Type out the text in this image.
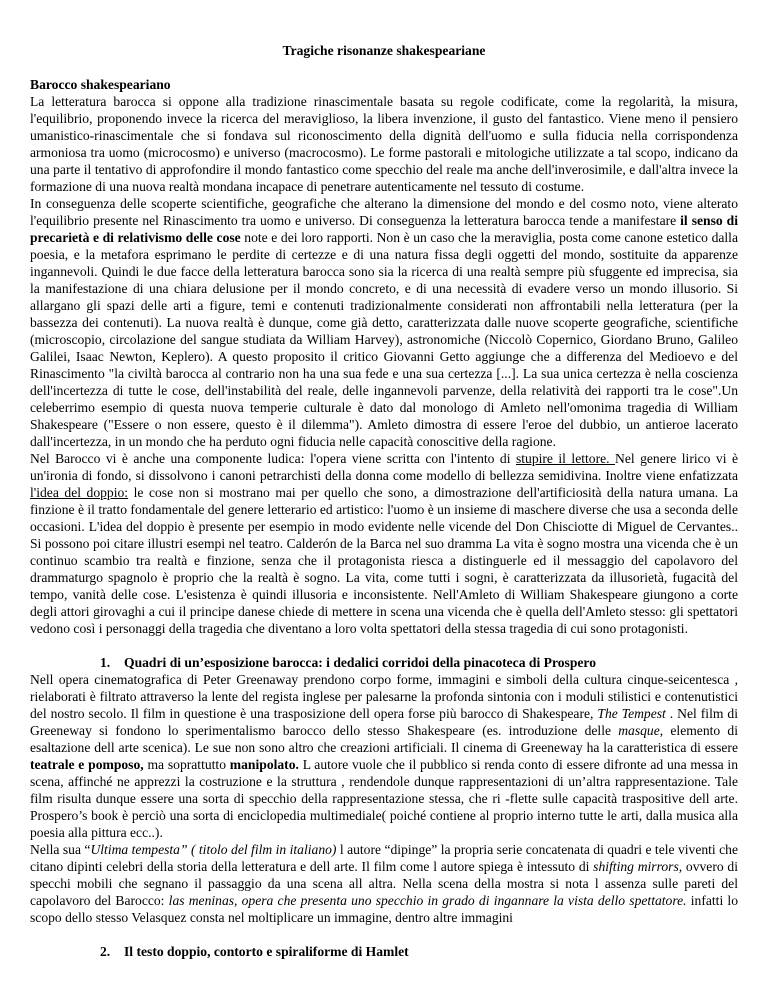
Tragiche risonanze shakespeariane
Barocco shakespeariano

La letteratura barocca si oppone alla tradizione rinascimentale basata su regole codificate, come la regolarità, la misura, l'equilibrio, proponendo invece la ricerca del meraviglioso, la libera invenzione, il gusto del fantastico. Viene meno il pensiero umanistico-rinascimentale che si fondava sul riconoscimento della dignità dell'uomo e sulla fiducia nella corrispondenza armoniosa tra uomo (microcosmo) e universo (macrocosmo). Le forme pastorali e mitologiche utilizzate a tal scopo, indicano da una parte il tentativo di approfondire il mondo fantastico come specchio del reale ma anche dell'inverosimile, e dall'altra invece la formazione di una nuova realtà mondana incapace di penetrare autenticamente nel tessuto di costume.

In conseguenza delle scoperte scientifiche, geografiche che alterano la dimensione del mondo e del cosmo noto, viene alterato l'equilibrio presente nel Rinascimento tra uomo e universo. Di conseguenza la letteratura barocca tende a manifestare il senso di precarietà e di relativismo delle cose note e dei loro rapporti. Non è un caso che la meraviglia, posta come canone estetico dalla poesia, e la metafora esprimano le perdite di certezze e di una natura fissa degli oggetti del mondo, sostituite da apparenze ingannevoli. Quindi le due facce della letteratura barocca sono sia la ricerca di una realtà sempre più sfuggente ed imprecisa, sia la manifestazione di una chiara delusione per il mondo concreto, e di una necessità di evadere verso un mondo illusorio. Si allargano gli spazi delle arti a figure, temi e contenuti tradizionalmente considerati non affrontabili nella letteratura (per la bassezza dei contenuti). La nuova realtà è dunque, come già detto, caratterizzata dalle nuove scoperte geografiche, scientifiche (microscopio, circolazione del sangue studiata da William Harvey), astronomiche (Niccolò Copernico, Giordano Bruno, Galileo Galilei, Isaac Newton, Keplero). A questo proposito il critico Giovanni Getto aggiunge che a differenza del Medioevo e del Rinascimento "la civiltà barocca al contrario non ha una sua fede e una sua certezza [...]. La sua unica certezza è nella coscienza dell'incertezza di tutte le cose, dell'instabilità del reale, delle ingannevoli parvenze, della relatività dei rapporti tra le cose".Un celeberrimo esempio di questa nuova temperie culturale è dato dal monologo di Amleto nell'omonima tragedia di William Shakespeare ("Essere o non essere, questo è il dilemma"). Amleto dimostra di essere l'eroe del dubbio, un antieroe lacerato dall'incertezza, in un mondo che ha perduto ogni fiducia nelle capacità conoscitive della ragione.

Nel Barocco vi è anche una componente ludica: l'opera viene scritta con l'intento di stupire il lettore. Nel genere lirico vi è un'ironia di fondo, si dissolvono i canoni petrarchisti della donna come modello di bellezza semidivina. Inoltre viene enfatizzata l'idea del doppio: le cose non si mostrano mai per quello che sono, a dimostrazione dell'artificiosità della natura umana. La finzione è il tratto fondamentale del genere letterario ed artistico: l'uomo è un insieme di maschere diverse che usa a seconda delle occasioni. L'idea del doppio è presente per esempio in modo evidente nelle vicende del Don Chisciotte di Miguel de Cervantes.. Si possono poi citare illustri esempi nel teatro. Calderón de la Barca nel suo dramma La vita è sogno mostra una vicenda che è un continuo scambio tra realtà e finzione, senza che il protagonista riesca a distinguerle ed il messaggio del capolavoro del drammaturgo spagnolo è proprio che la realtà è sogno. La vita, come tutti i sogni, è caratterizzata da illusorietà, fugacità del tempo, vanità delle cose. L'esistenza è quindi illusoria e inconsistente. Nell'Amleto di William Shakespeare giungono a corte degli attori girovaghi a cui il principe danese chiede di mettere in scena una vicenda che è quella dell'Amleto stesso: gli spettatori vedono così i personaggi della tragedia che diventano a loro volta spettatori della stessa tragedia di cui sono protagonisti.

1. Quadri di un’esposizione barocca: i dedalici corridoi della pinacoteca di Prospero

Nell opera cinematografica di Peter Greenaway prendono corpo forme, immagini e simboli della cultura cinque-seicentesca , rielaborati è filtrato attraverso la lente del regista inglese per palesarne la profonda sintonia con i moduli stilistici e contenutistici del nostro secolo. Il film in questione è una trasposizione dell opera forse più barocco di Shakespeare, The Tempest . Nel film di Greeneway si fondono lo sperimentalismo barocco dello stesso Shakespeare (es. introduzione delle masque, elemento di esaltazione dell arte scenica). Le sue non sono altro che creazioni artificiali. Il cinema di Greeneway ha la caratteristica di essere teatrale e pomposo, ma soprattutto manipolato. L autore vuole che il pubblico si renda conto di essere difronte ad una messa in scena, affinché ne apprezzi la costruzione e la struttura , rendendole dunque rappresentazioni di un’altra rappresentazione. Tale film risulta dunque essere una sorta di specchio della rappresentazione stessa, che ri -flette sulle capacità traspositive dell arte. Prospero’s book è perciò una sorta di enciclopedia multimediale( poiché contiene al proprio interno tutte le arti, dalla musica alla poesia alla pittura ecc..).

Nella sua “Ultima tempesta” ( titolo del film in italiano) l autore “dipinge” la propria serie concatenata di quadri e tele viventi che citano dipinti celebri della storia della letteratura e dell arte. Il film come l autore spiega è intessuto di shifting mirrors, ovvero di specchi mobili che segnano il passaggio da una scena all altra. Nella scena della mostra si nota l assenza sulle pareti del capolavoro del Barocco: las meninas, opera che presenta uno specchio in grado di ingannare la vista dello spettatore. infatti lo scopo dello stesso Velasquez consta nel moltiplicare un immagine, dentro altre immagini

2. Il testo doppio, contorto e spiraliforme di Hamlet
